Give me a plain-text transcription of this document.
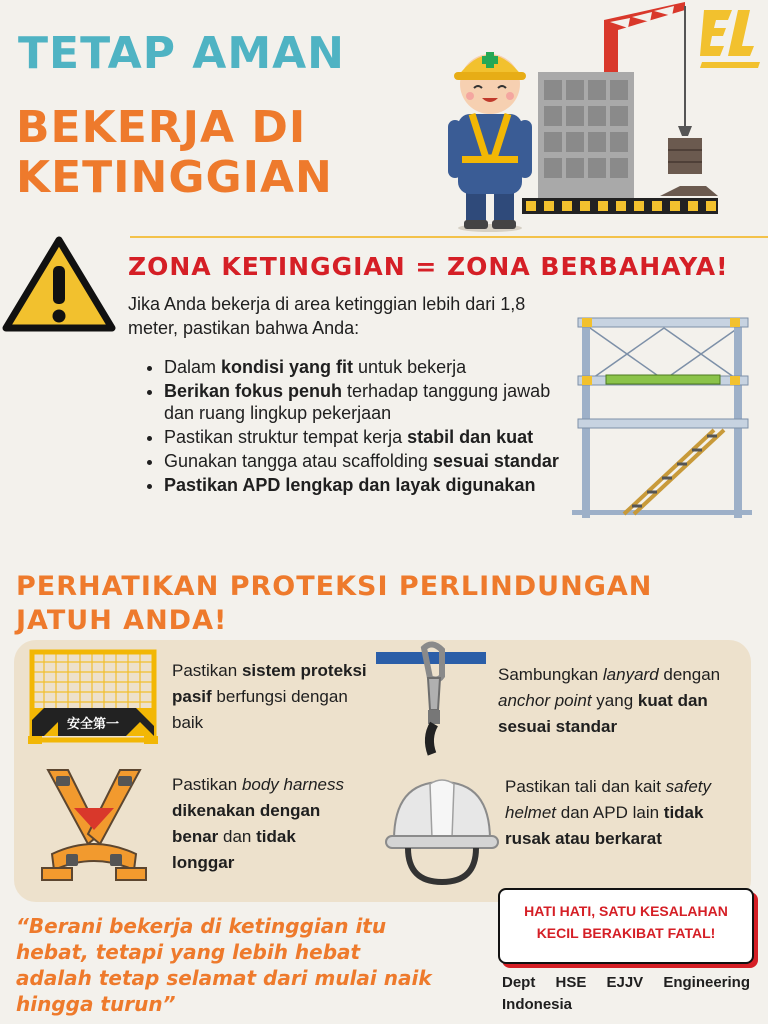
TETAP AMAN
BEKERJA DI
KETINGGIAN
ZONA KETINGGIAN = ZONA BERBAHAYA!
Jika Anda bekerja di area ketinggian lebih dari 1,8 meter, pastikan bahwa Anda:
• Dalam kondisi yang fit untuk bekerja
• Berikan fokus penuh terhadap tanggung jawab dan ruang lingkup pekerjaan
• Pastikan struktur tempat kerja stabil dan kuat
• Gunakan tangga atau scaffolding sesuai standar
• Pastikan APD lengkap dan layak digunakan
PERHATIKAN PROTEKSI PERLINDUNGAN JATUH ANDA!
安全第一
Pastikan sistem proteksi pasif berfungsi dengan baik
Sambungkan lanyard dengan anchor point yang kuat dan sesuai standar
Pastikan body harness dikenakan dengan benar dan tidak longgar
Pastikan tali dan kait safety helmet dan APD lain tidak rusak atau berkarat
“Berani bekerja di ketinggian itu hebat, tetapi yang lebih hebat adalah tetap selamat dari mulai naik hingga turun”
HATI HATI, SATU KESALAHAN KECIL BERAKIBAT FATAL!
Dept HSE EJJV Engineering
Indonesia
